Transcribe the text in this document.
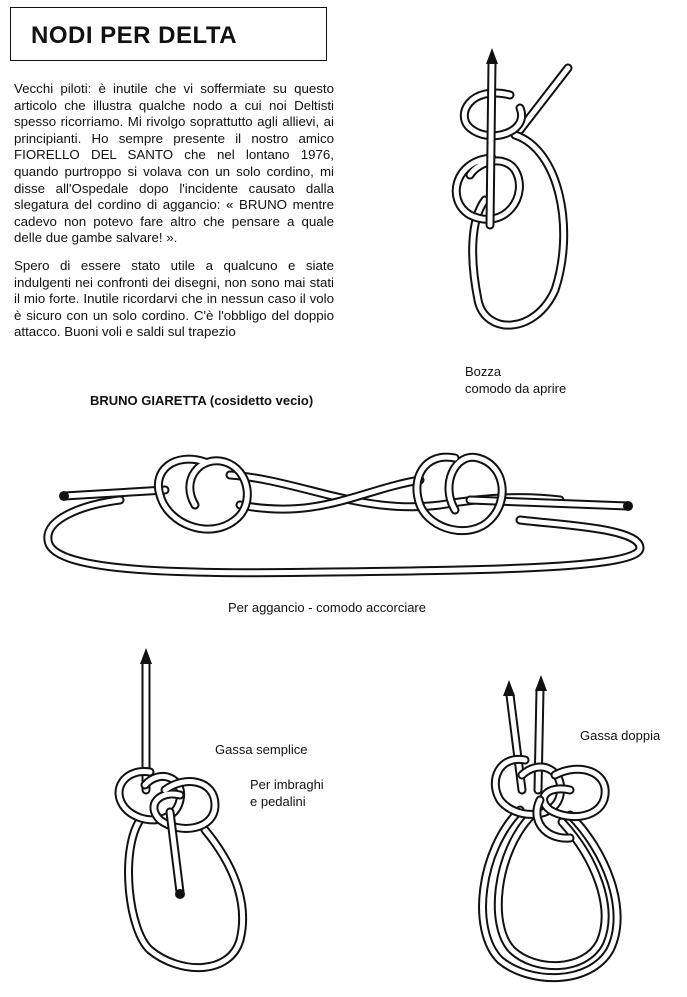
NODI PER DELTA

Vecchi piloti: è inutile che vi soffermiate su questo articolo che illustra qualche nodo a cui noi Deltisti spesso ricorriamo. Mi rivolgo soprattutto agli allievi, ai principianti. Ho sempre presente il nostro amico FIORELLO DEL SANTO che nel lontano 1976, quando purtroppo si volava con un solo cordino, mi disse all'Ospedale dopo l'incidente causato dalla slegatura del cordino di aggancio: « BRUNO mentre cadevo non potevo fare altro che pensare a quale delle due gambe salvare! ».

Spero di essere stato utile a qualcuno e siate indulgenti nei confronti dei disegni, non sono mai stati il mio forte. Inutile ricordarvi che in nessun caso il volo è sicuro con un solo cordino. C'è l'obbligo del doppio attacco. Buoni voli e saldi sul trapezio

BRUNO GIARETTA (cosidetto vecio)
Bozza
comodo da aprire
Per aggancio - comodo accorciare
Gassa semplice
Per imbraghi
e pedalini
Gassa doppia
